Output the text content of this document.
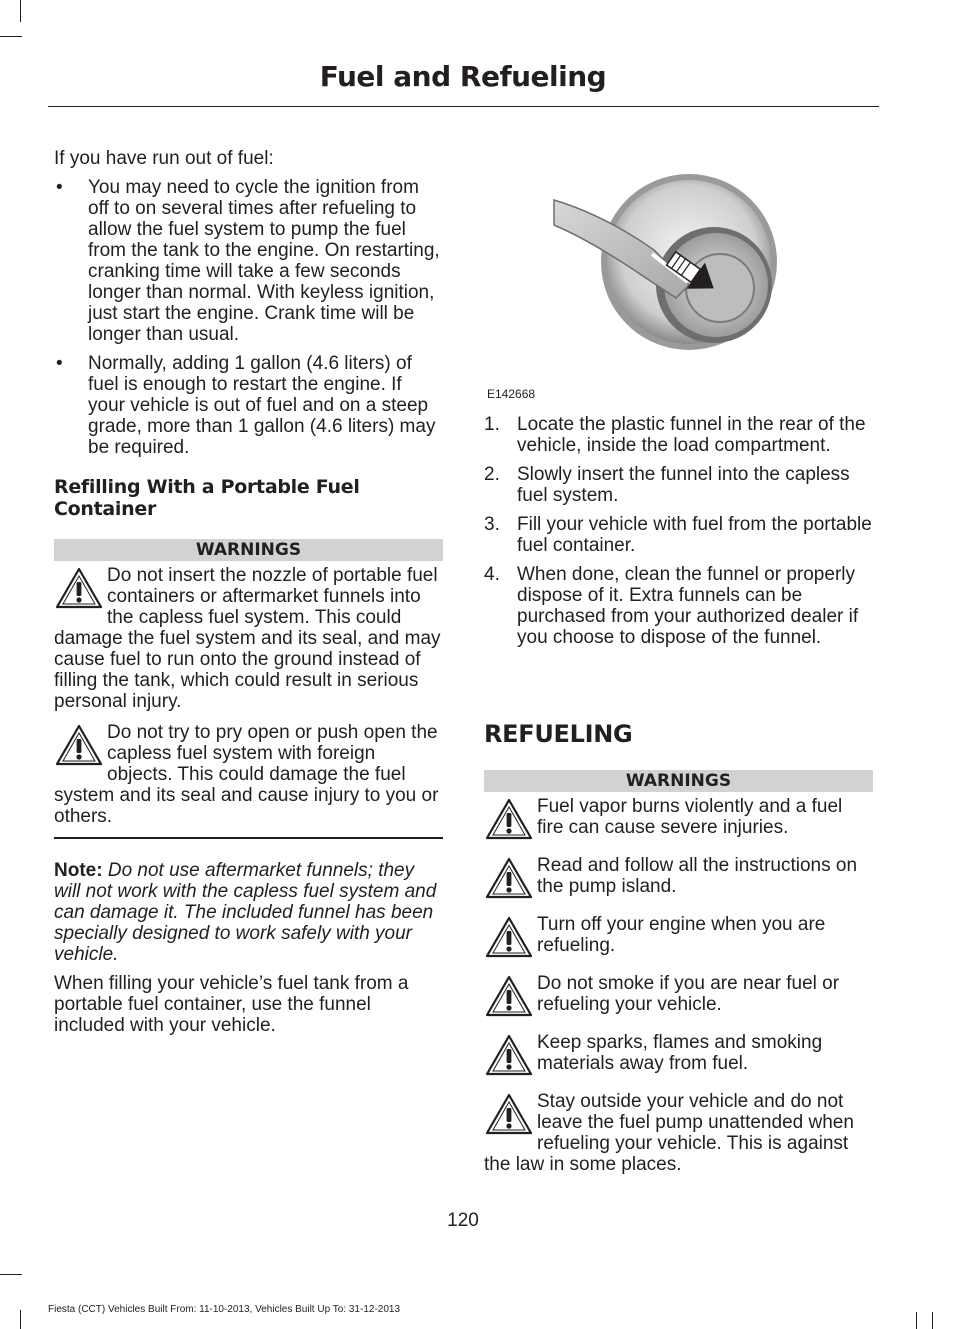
Fuel and Refueling

If you have run out of fuel:

• You may need to cycle the ignition from off to on several times after refueling to allow the fuel system to pump the fuel from the tank to the engine. On restarting, cranking time will take a few seconds longer than normal. With keyless ignition, just start the engine. Crank time will be longer than usual.
• Normally, adding 1 gallon (4.6 liters) of fuel is enough to restart the engine. If your vehicle is out of fuel and on a steep grade, more than 1 gallon (4.6 liters) may be required.
Refilling With a Portable Fuel Container
WARNINGS
Do not insert the nozzle of portable fuel containers or aftermarket funnels into the capless fuel system. This could damage the fuel system and its seal, and may cause fuel to run onto the ground instead of filling the tank, which could result in serious personal injury.
Do not try to pry open or push open the capless fuel system with foreign objects. This could damage the fuel system and its seal and cause injury to you or others.

Note: Do not use aftermarket funnels; they will not work with the capless fuel system and can damage it. The included funnel has been specially designed to work safely with your vehicle.

When filling your vehicle’s fuel tank from a portable fuel container, use the funnel included with your vehicle.

E142668
1. Locate the plastic funnel in the rear of the vehicle, inside the load compartment.
2. Slowly insert the funnel into the capless fuel system.
3. Fill your vehicle with fuel from the portable fuel container.
4. When done, clean the funnel or properly dispose of it. Extra funnels can be purchased from your authorized dealer if you choose to dispose of the funnel.
REFUELING
WARNINGS
Fuel vapor burns violently and a fuel fire can cause severe injuries.
Read and follow all the instructions on the pump island.
Turn off your engine when you are refueling.
Do not smoke if you are near fuel or refueling your vehicle.
Keep sparks, flames and smoking materials away from fuel.
Stay outside your vehicle and do not leave the fuel pump unattended when refueling your vehicle. This is against the law in some places.
120
Fiesta (CCT) Vehicles Built From: 11-10-2013, Vehicles Built Up To: 31-12-2013
